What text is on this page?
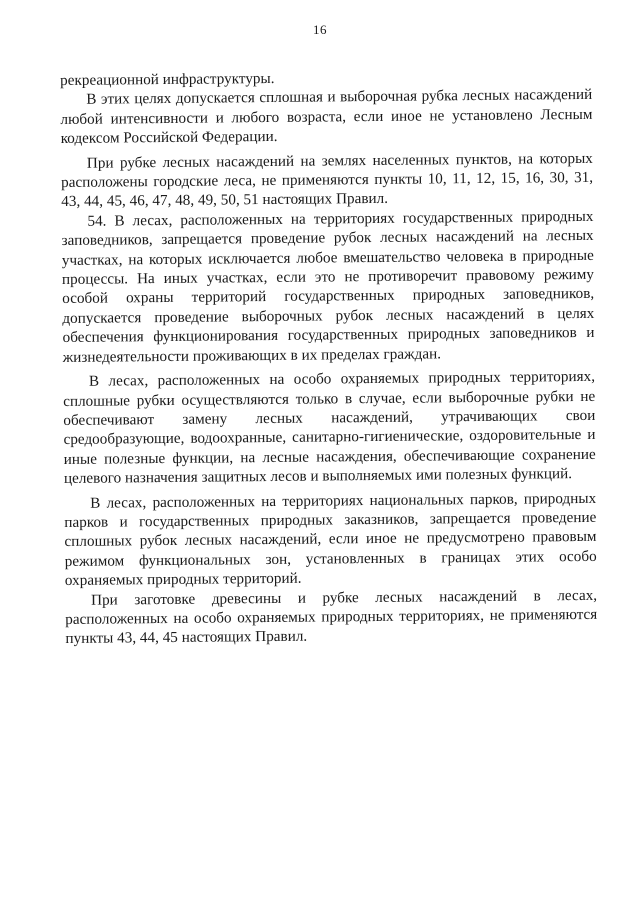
16

рекреационной инфраструктуры.

В этих целях допускается сплошная и выборочная рубка лесных насаждений любой интенсивности и любого возраста, если иное не установлено Лесным кодексом Российской Федерации.

При рубке лесных насаждений на землях населенных пунктов, на которых расположены городские леса, не применяются пункты 10, 11, 12, 15, 16, 30, 31, 43, 44, 45, 46, 47, 48, 49, 50, 51 настоящих Правил.

54. В лесах, расположенных на территориях государственных природных заповедников, запрещается проведение рубок лесных насаждений на лесных участках, на которых исключается любое вмешательство человека в природные процессы. На иных участках, если это не противоречит правовому режиму особой охраны территорий государственных природных заповедников, допускается проведение выборочных рубок лесных насаждений в целях обеспечения функционирования государственных природных заповедников и жизнедеятельности проживающих в их пределах граждан.

В лесах, расположенных на особо охраняемых природных территориях, сплошные рубки осуществляются только в случае, если выборочные рубки не обеспечивают замену лесных насаждений, утрачивающих свои средообразующие, водоохранные, санитарно-гигиенические, оздоровительные и иные полезные функции, на лесные насаждения, обеспечивающие сохранение целевого назначения защитных лесов и выполняемых ими полезных функций.

В лесах, расположенных на территориях национальных парков, природных парков и государственных природных заказников, запрещается проведение сплошных рубок лесных насаждений, если иное не предусмотрено правовым режимом функциональных зон, установленных в границах этих особо охраняемых природных территорий.

При заготовке древесины и рубке лесных насаждений в лесах, расположенных на особо охраняемых природных территориях, не применяются пункты 43, 44, 45 настоящих Правил.
